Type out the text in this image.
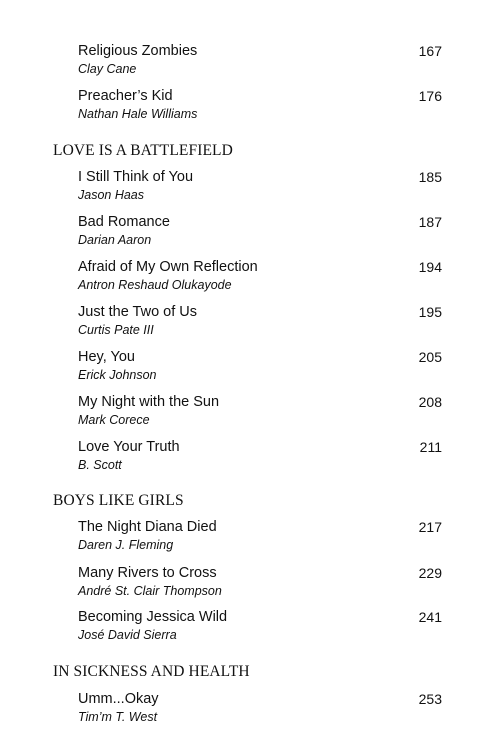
Religious Zombies
Clay Cane
167
Preacher’s Kid
Nathan Hale Williams
176
LOVE IS A BATTLEFIELD
I Still Think of You
Jason Haas
185
Bad Romance
Darian Aaron
187
Afraid of My Own Reflection
Antron Reshaud Olukayode
194
Just the Two of Us
Curtis Pate III
195
Hey, You
Erick Johnson
205
My Night with the Sun
Mark Corece
208
Love Your Truth
B. Scott
211
BOYS LIKE GIRLS
The Night Diana Died
Daren J. Fleming
217
Many Rivers to Cross
André St. Clair Thompson
229
Becoming Jessica Wild
José David Sierra
241
IN SICKNESS AND HEALTH
Umm...Okay
Tim’m T. West
253
